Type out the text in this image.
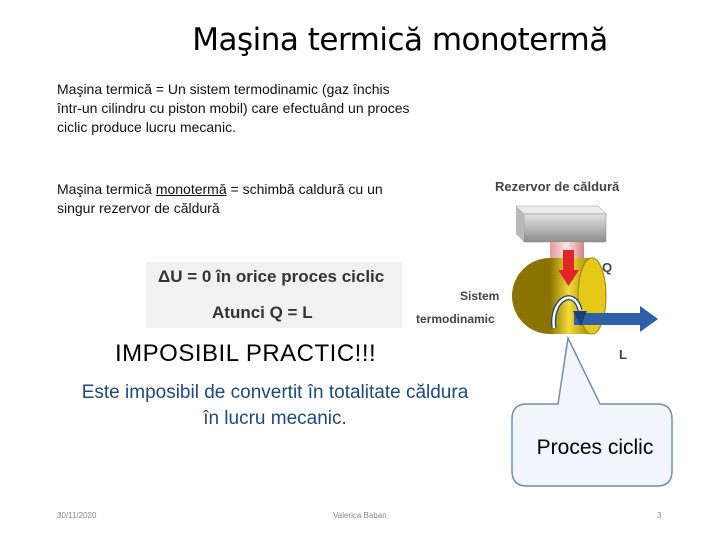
Maşina termică monotermă
Maşina termică = Un sistem termodinamic (gaz închis într-un cilindru cu piston mobil) care efectuând un proces ciclic produce lucru mecanic.
Maşina termică monotermă = schimbă caldură cu un singur rezervor de căldură
ΔU = 0 în orice proces ciclic
Atunci Q = L
IMPOSIBIL PRACTIC!!!
Este imposibil de convertit în totalitate căldura în lucru mecanic.
Rezervor de căldură
Q
Sistem
termodinamic
L
Proces ciclic
30/11/2020	Valerica Baban	3
